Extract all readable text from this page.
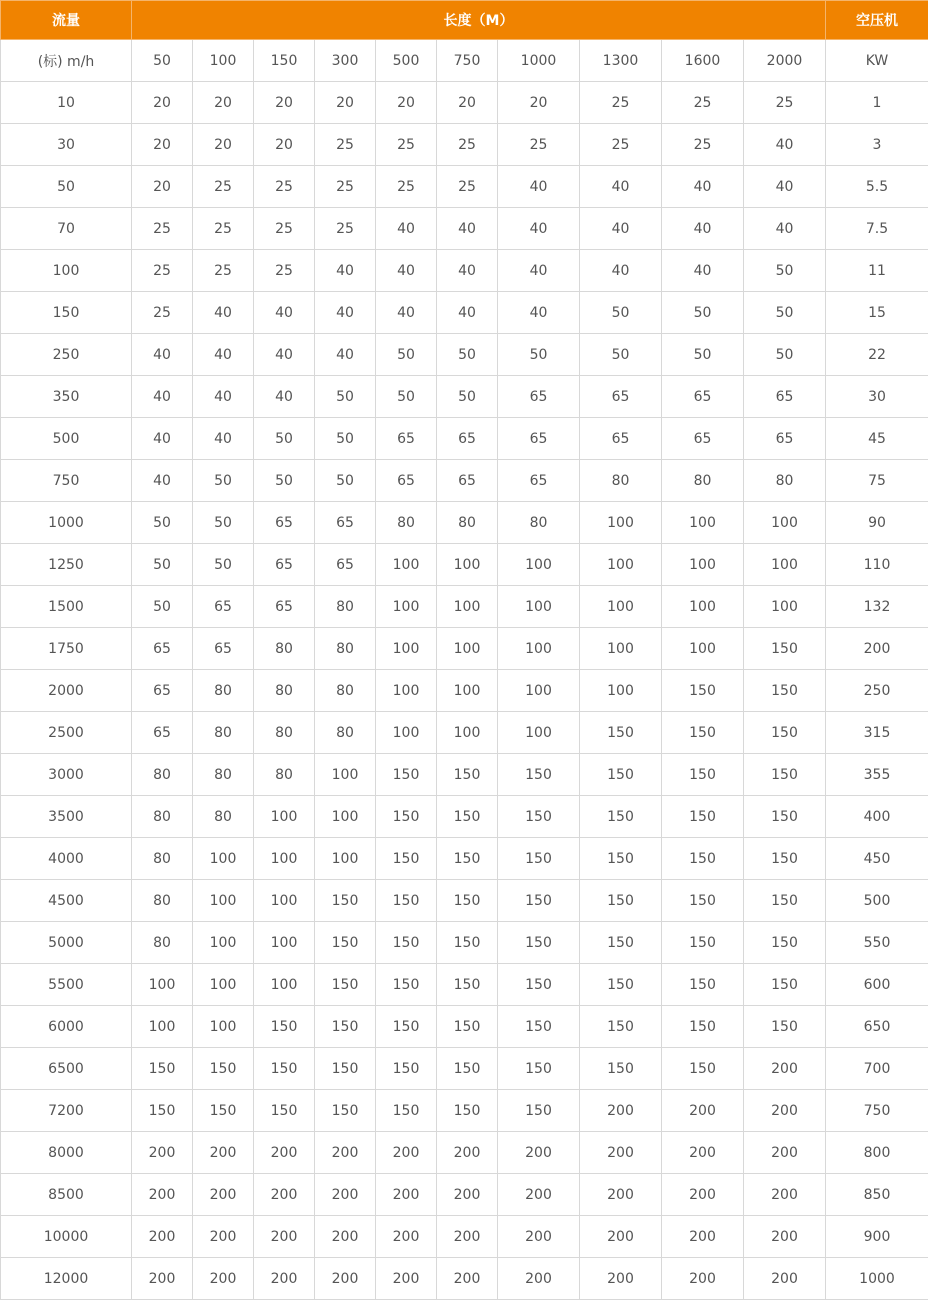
流量	长度（M）										空压机
(标) m/h	50	100	150	300	500	750	1000	1300	1600	2000	KW
10	20	20	20	20	20	20	20	25	25	25	1
30	20	20	20	25	25	25	25	25	25	40	3
50	20	25	25	25	25	25	40	40	40	40	5.5
70	25	25	25	25	40	40	40	40	40	40	7.5
100	25	25	25	40	40	40	40	40	40	50	11
150	25	40	40	40	40	40	40	50	50	50	15
250	40	40	40	40	50	50	50	50	50	50	22
350	40	40	40	50	50	50	65	65	65	65	30
500	40	40	50	50	65	65	65	65	65	65	45
750	40	50	50	50	65	65	65	80	80	80	75
1000	50	50	65	65	80	80	80	100	100	100	90
1250	50	50	65	65	100	100	100	100	100	100	110
1500	50	65	65	80	100	100	100	100	100	100	132
1750	65	65	80	80	100	100	100	100	100	150	200
2000	65	80	80	80	100	100	100	100	150	150	250
2500	65	80	80	80	100	100	100	150	150	150	315
3000	80	80	80	100	150	150	150	150	150	150	355
3500	80	80	100	100	150	150	150	150	150	150	400
4000	80	100	100	100	150	150	150	150	150	150	450
4500	80	100	100	150	150	150	150	150	150	150	500
5000	80	100	100	150	150	150	150	150	150	150	550
5500	100	100	100	150	150	150	150	150	150	150	600
6000	100	100	150	150	150	150	150	150	150	150	650
6500	150	150	150	150	150	150	150	150	150	200	700
7200	150	150	150	150	150	150	150	200	200	200	750
8000	200	200	200	200	200	200	200	200	200	200	800
8500	200	200	200	200	200	200	200	200	200	200	850
10000	200	200	200	200	200	200	200	200	200	200	900
12000	200	200	200	200	200	200	200	200	200	200	1000
